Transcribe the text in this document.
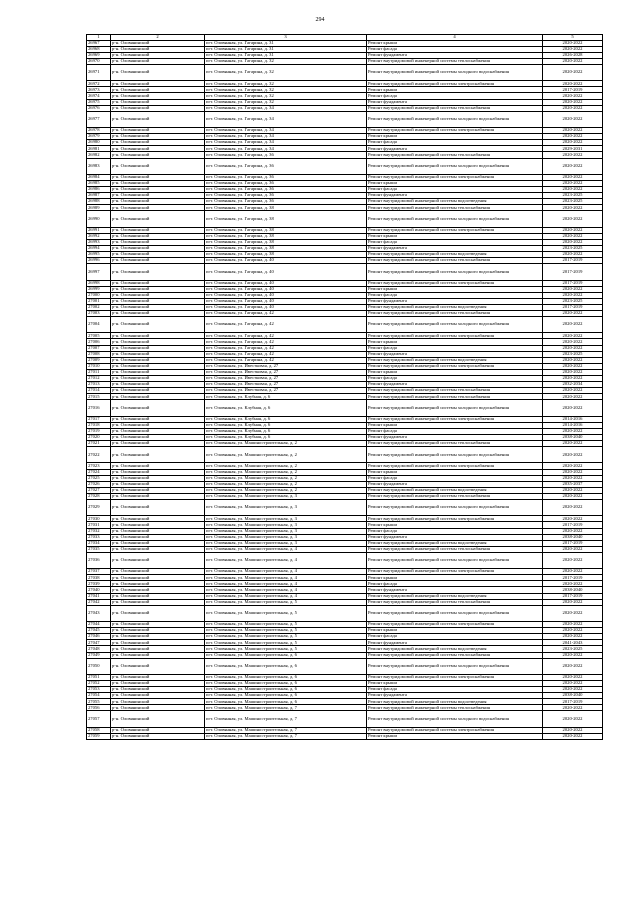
294
1	2	3	4	5
26967	р-н. Оловянинский	пгт. Оловянная, ул. Гагарина, д. 31	Ремонт крыши	2020-2022
26968	р-н. Оловянинский	пгт. Оловянная, ул. Гагарина, д. 31	Ремонт фасада	2020-2022
26969	р-н. Оловянинский	пгт. Оловянная, ул. Гагарина, д. 31	Ремонт фундамента	2026-2028
26970	р-н. Оловянинский	пгт. Оловянная, ул. Гагарина, д. 32	Ремонт внутридомовой инженерной системы теплоснабжения	2020-2022
26971	р-н. Оловянинский	пгт. Оловянная, ул. Гагарина, д. 32	Ремонт внутридомовой инженерной системы холодного водоснабжения	2020-2022
26972	р-н. Оловянинский	пгт. Оловянная, ул. Гагарина, д. 32	Ремонт внутридомовой инженерной системы электроснабжения	2020-2022
26973	р-н. Оловянинский	пгт. Оловянная, ул. Гагарина, д. 32	Ремонт крыши	2017-2019
26974	р-н. Оловянинский	пгт. Оловянная, ул. Гагарина, д. 32	Ремонт фасада	2020-2022
26975	р-н. Оловянинский	пгт. Оловянная, ул. Гагарина, д. 32	Ремонт фундамента	2020-2022
26976	р-н. Оловянинский	пгт. Оловянная, ул. Гагарина, д. 34	Ремонт внутридомовой инженерной системы теплоснабжения	2020-2022
26977	р-н. Оловянинский	пгт. Оловянная, ул. Гагарина, д. 34	Ремонт внутридомовой инженерной системы холодного водоснабжения	2020-2022
26978	р-н. Оловянинский	пгт. Оловянная, ул. Гагарина, д. 34	Ремонт внутридомовой инженерной системы электроснабжения	2020-2022
26979	р-н. Оловянинский	пгт. Оловянная, ул. Гагарина, д. 34	Ремонт крыши	2020-2022
26980	р-н. Оловянинский	пгт. Оловянная, ул. Гагарина, д. 34	Ремонт фасада	2020-2022
26981	р-н. Оловянинский	пгт. Оловянная, ул. Гагарина, д. 34	Ремонт фундамента	2029-2031
26982	р-н. Оловянинский	пгт. Оловянная, ул. Гагарина, д. 36	Ремонт внутридомовой инженерной системы теплоснабжения	2020-2022
26983	р-н. Оловянинский	пгт. Оловянная, ул. Гагарина, д. 36	Ремонт внутридомовой инженерной системы холодного водоснабжения	2020-2022
26984	р-н. Оловянинский	пгт. Оловянная, ул. Гагарина, д. 36	Ремонт внутридомовой инженерной системы электроснабжения	2020-2022
26985	р-н. Оловянинский	пгт. Оловянная, ул. Гагарина, д. 36	Ремонт крыши	2020-2022
26986	р-н. Оловянинский	пгт. Оловянная, ул. Гагарина, д. 36	Ремонт фасада	2020-2022
26987	р-н. Оловянинский	пгт. Оловянная, ул. Гагарина, д. 36	Ремонт фундамента	2023-2025
26988	р-н. Оловянинский	пгт. Оловянная, ул. Гагарина, д. 36	Ремонт внутридомовой инженерной системы водоотведения	2023-2025
26989	р-н. Оловянинский	пгт. Оловянная, ул. Гагарина, д. 38	Ремонт внутридомовой инженерной системы теплоснабжения	2020-2022
26990	р-н. Оловянинский	пгт. Оловянная, ул. Гагарина, д. 38	Ремонт внутридомовой инженерной системы холодного водоснабжения	2020-2022
26991	р-н. Оловянинский	пгт. Оловянная, ул. Гагарина, д. 38	Ремонт внутридомовой инженерной системы электроснабжения	2020-2022
26992	р-н. Оловянинский	пгт. Оловянная, ул. Гагарина, д. 38	Ремонт крыши	2020-2022
26993	р-н. Оловянинский	пгт. Оловянная, ул. Гагарина, д. 38	Ремонт фасада	2020-2022
26994	р-н. Оловянинский	пгт. Оловянная, ул. Гагарина, д. 38	Ремонт фундамента	2023-2025
26995	р-н. Оловянинский	пгт. Оловянная, ул. Гагарина, д. 38	Ремонт внутридомовой инженерной системы водоотведения	2020-2022
26996	р-н. Оловянинский	пгт. Оловянная, ул. Гагарина, д. 40	Ремонт внутридомовой инженерной системы теплоснабжения	2017-2019
26997	р-н. Оловянинский	пгт. Оловянная, ул. Гагарина, д. 40	Ремонт внутридомовой инженерной системы холодного водоснабжения	2017-2019
26998	р-н. Оловянинский	пгт. Оловянная, ул. Гагарина, д. 40	Ремонт внутридомовой инженерной системы электроснабжения	2017-2019
26999	р-н. Оловянинский	пгт. Оловянная, ул. Гагарина, д. 40	Ремонт крыши	2020-2022
27000	р-н. Оловянинский	пгт. Оловянная, ул. Гагарина, д. 40	Ремонт фасада	2020-2022
27001	р-н. Оловянинский	пгт. Оловянная, ул. Гагарина, д. 40	Ремонт фундамента	2023-2025
27002	р-н. Оловянинский	пгт. Оловянная, ул. Гагарина, д. 40	Ремонт внутридомовой инженерной системы водоотведения	2017-2019
27003	р-н. Оловянинский	пгт. Оловянная, ул. Гагарина, д. 42	Ремонт внутридомовой инженерной системы теплоснабжения	2020-2022
27004	р-н. Оловянинский	пгт. Оловянная, ул. Гагарина, д. 42	Ремонт внутридомовой инженерной системы холодного водоснабжения	2020-2022
27005	р-н. Оловянинский	пгт. Оловянная, ул. Гагарина, д. 42	Ремонт внутридомовой инженерной системы электроснабжения	2020-2022
27006	р-н. Оловянинский	пгт. Оловянная, ул. Гагарина, д. 42	Ремонт крыши	2020-2022
27007	р-н. Оловянинский	пгт. Оловянная, ул. Гагарина, д. 42	Ремонт фасада	2020-2022
27008	р-н. Оловянинский	пгт. Оловянная, ул. Гагарина, д. 42	Ремонт фундамента	2023-2025
27009	р-н. Оловянинский	пгт. Оловянная, ул. Гагарина, д. 42	Ремонт внутридомовой инженерной системы водоотведения	2020-2022
27010	р-н. Оловянинский	пгт. Оловянная, ул. Ивестковая, д. 27	Ремонт внутридомовой инженерной системы электроснабжения	2020-2022
27011	р-н. Оловянинский	пгт. Оловянная, ул. Ивестковая, д. 27	Ремонт крыши	2020-2022
27012	р-н. Оловянинский	пгт. Оловянная, ул. Ивестковая, д. 27	Ремонт фасада	2020-2022
27013	р-н. Оловянинский	пгт. Оловянная, ул. Ивестковая, д. 27	Ремонт фундамента	2032-2034
27014	р-н. Оловянинский	пгт. Оловянная, ул. Ивестковая, д. 27	Ремонт внутридомовой инженерной системы теплоснабжения	2020-2022
27015	р-н. Оловянинский	пгт. Оловянная, ул. Клубная, д. 6	Ремонт внутридомовой инженерной системы теплоснабжения	2020-2022
27016	р-н. Оловянинский	пгт. Оловянная, ул. Клубная, д. 6	Ремонт внутридомовой инженерной системы холодного водоснабжения	2020-2022
27017	р-н. Оловянинский	пгт. Оловянная, ул. Клубная, д. 6	Ремонт внутридомовой инженерной системы электроснабжения	2014-2016
27018	р-н. Оловянинский	пгт. Оловянная, ул. Клубная, д. 6	Ремонт крыши	2014-2016
27019	р-н. Оловянинский	пгт. Оловянная, ул. Клубная, д. 6	Ремонт фасада	2020-2022
27020	р-н. Оловянинский	пгт. Оловянная, ул. Клубная, д. 6	Ремонт фундамента	2038-2040
27021	р-н. Оловянинский	пгт. Оловянная, ул. Машиностроительная, д. 2	Ремонт внутридомовой инженерной системы теплоснабжения	2020-2022
27022	р-н. Оловянинский	пгт. Оловянная, ул. Машиностроительная, д. 2	Ремонт внутридомовой инженерной системы холодного водоснабжения	2020-2022
27023	р-н. Оловянинский	пгт. Оловянная, ул. Машиностроительная, д. 2	Ремонт внутридомовой инженерной системы электроснабжения	2020-2022
27024	р-н. Оловянинский	пгт. Оловянная, ул. Машиностроительная, д. 2	Ремонт крыши	2020-2022
27025	р-н. Оловянинский	пгт. Оловянная, ул. Машиностроительная, д. 2	Ремонт фасада	2020-2022
27026	р-н. Оловянинский	пгт. Оловянная, ул. Машиностроительная, д. 2	Ремонт фундамента	2035-2037
27027	р-н. Оловянинский	пгт. Оловянная, ул. Машиностроительная, д. 2	Ремонт внутридомовой инженерной системы водоотведения	2020-2022
27028	р-н. Оловянинский	пгт. Оловянная, ул. Машиностроительная, д. 3	Ремонт внутридомовой инженерной системы теплоснабжения	2020-2022
27029	р-н. Оловянинский	пгт. Оловянная, ул. Машиностроительная, д. 3	Ремонт внутридомовой инженерной системы холодного водоснабжения	2020-2022
27030	р-н. Оловянинский	пгт. Оловянная, ул. Машиностроительная, д. 3	Ремонт внутридомовой инженерной системы электроснабжения	2020-2022
27031	р-н. Оловянинский	пгт. Оловянная, ул. Машиностроительная, д. 3	Ремонт крыши	2017-2019
27032	р-н. Оловянинский	пгт. Оловянная, ул. Машиностроительная, д. 3	Ремонт фасада	2020-2022
27033	р-н. Оловянинский	пгт. Оловянная, ул. Машиностроительная, д. 3	Ремонт фундамента	2038-2040
27034	р-н. Оловянинский	пгт. Оловянная, ул. Машиностроительная, д. 3	Ремонт внутридомовой инженерной системы водоотведения	2017-2019
27035	р-н. Оловянинский	пгт. Оловянная, ул. Машиностроительная, д. 4	Ремонт внутридомовой инженерной системы теплоснабжения	2020-2022
27036	р-н. Оловянинский	пгт. Оловянная, ул. Машиностроительная, д. 4	Ремонт внутридомовой инженерной системы холодного водоснабжения	2020-2022
27037	р-н. Оловянинский	пгт. Оловянная, ул. Машиностроительная, д. 4	Ремонт внутридомовой инженерной системы электроснабжения	2020-2022
27038	р-н. Оловянинский	пгт. Оловянная, ул. Машиностроительная, д. 4	Ремонт крыши	2017-2019
27039	р-н. Оловянинский	пгт. Оловянная, ул. Машиностроительная, д. 4	Ремонт фасада	2020-2022
27040	р-н. Оловянинский	пгт. Оловянная, ул. Машиностроительная, д. 4	Ремонт фундамента	2038-2040
27041	р-н. Оловянинский	пгт. Оловянная, ул. Машиностроительная, д. 4	Ремонт внутридомовой инженерной системы водоотведения	2017-2019
27042	р-н. Оловянинский	пгт. Оловянная, ул. Машиностроительная, д. 5	Ремонт внутридомовой инженерной системы теплоснабжения	2020-2022
27043	р-н. Оловянинский	пгт. Оловянная, ул. Машиностроительная, д. 5	Ремонт внутридомовой инженерной системы холодного водоснабжения	2020-2022
27044	р-н. Оловянинский	пгт. Оловянная, ул. Машиностроительная, д. 5	Ремонт внутридомовой инженерной системы электроснабжения	2020-2022
27045	р-н. Оловянинский	пгт. Оловянная, ул. Машиностроительная, д. 5	Ремонт крыши	2020-2022
27046	р-н. Оловянинский	пгт. Оловянная, ул. Машиностроительная, д. 5	Ремонт фасада	2020-2022
27047	р-н. Оловянинский	пгт. Оловянная, ул. Машиностроительная, д. 5	Ремонт фундамента	2041-2043
27048	р-н. Оловянинский	пгт. Оловянная, ул. Машиностроительная, д. 5	Ремонт внутридомовой инженерной системы водоотведения	2023-2025
27049	р-н. Оловянинский	пгт. Оловянная, ул. Машиностроительная, д. 6	Ремонт внутридомовой инженерной системы теплоснабжения	2020-2022
27050	р-н. Оловянинский	пгт. Оловянная, ул. Машиностроительная, д. 6	Ремонт внутридомовой инженерной системы холодного водоснабжения	2020-2022
27051	р-н. Оловянинский	пгт. Оловянная, ул. Машиностроительная, д. 6	Ремонт внутридомовой инженерной системы электроснабжения	2020-2022
27052	р-н. Оловянинский	пгт. Оловянная, ул. Машиностроительная, д. 6	Ремонт крыши	2020-2022
27053	р-н. Оловянинский	пгт. Оловянная, ул. Машиностроительная, д. 6	Ремонт фасада	2020-2022
27054	р-н. Оловянинский	пгт. Оловянная, ул. Машиностроительная, д. 6	Ремонт фундамента	2038-2040
27055	р-н. Оловянинский	пгт. Оловянная, ул. Машиностроительная, д. 6	Ремонт внутридомовой инженерной системы водоотведения	2017-2019
27056	р-н. Оловянинский	пгт. Оловянная, ул. Машиностроительная, д. 7	Ремонт внутридомовой инженерной системы теплоснабжения	2020-2022
27057	р-н. Оловянинский	пгт. Оловянная, ул. Машиностроительная, д. 7	Ремонт внутридомовой инженерной системы холодного водоснабжения	2020-2022
27058	р-н. Оловянинский	пгт. Оловянная, ул. Машиностроительная, д. 7	Ремонт внутридомовой инженерной системы электроснабжения	2020-2022
27059	р-н. Оловянинский	пгт. Оловянная, ул. Машиностроительная, д. 7	Ремонт крыши	2020-2022
